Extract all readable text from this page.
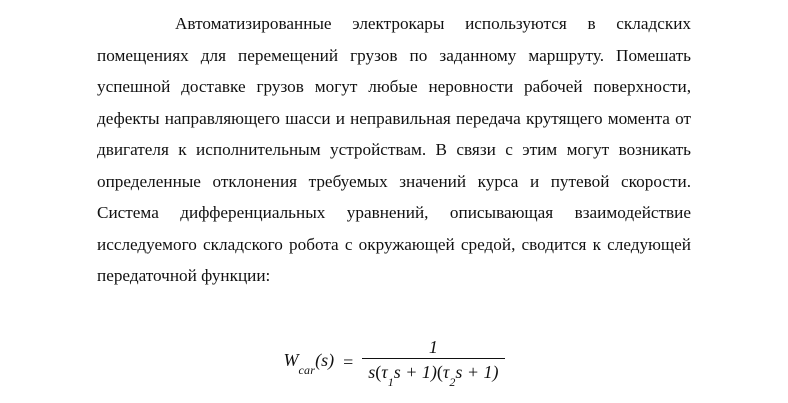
Автоматизированные электрокары используются в складских помещениях для перемещений грузов по заданному маршруту. Помешать успешной доставке грузов могут любые неровности рабочей поверхности, дефекты направляющего шасси и неправильная передача крутящего момента от двигателя к исполнительным устройствам. В связи с этим могут возникать определенные отклонения требуемых значений курса и путевой скорости. Система дифференциальных уравнений, описывающая взаимодействие исследуемого складского робота с окружающей средой, сводится к следующей передаточной функции:

$W_{car}(s) = \frac{1}{s(\tau_1s + 1)(\tau_2s + 1)}$
